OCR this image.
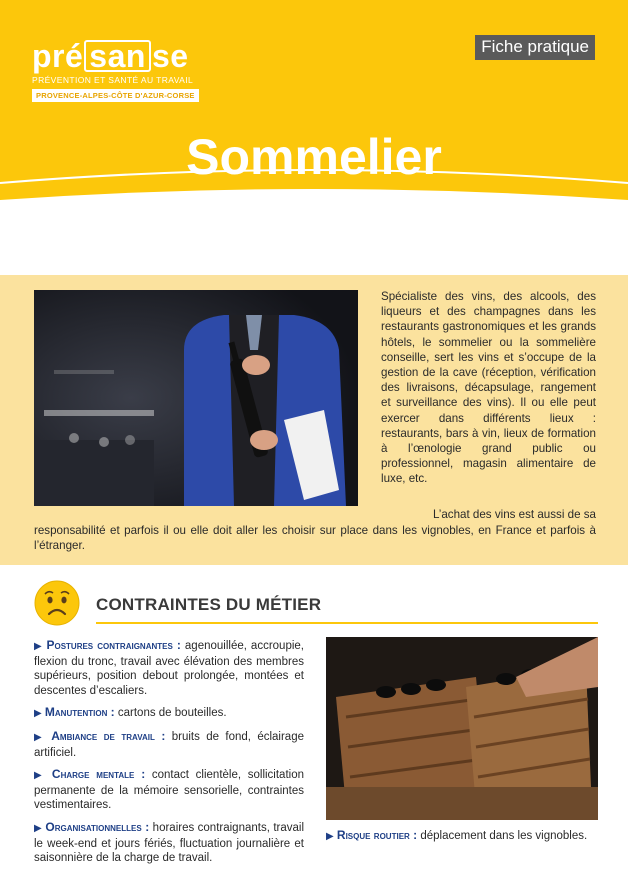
pré san se
PRÉVENTION ET SANTÉ AU TRAVAIL
PROVENCE-ALPES-CÔTE D'AZUR-CORSE
Fiche pratique
Sommelier
Spécialiste des vins, des alcools, des liqueurs et des champagnes dans les restaurants gastronomiques et les grands hôtels, le sommelier ou la sommelière conseille, sert les vins et s’occupe de la gestion de la cave (réception, vérification des livraisons, décapsulage, rangement et surveillance des vins). Il ou elle peut exercer dans différents lieux : restaurants, bars à vin, lieux de formation à l’œnologie grand public ou professionnel, magasin alimentaire de luxe, etc.
L’achat des vins est aussi de sa
responsabilité et parfois il ou elle doit aller les choisir sur place dans les vignobles, en France et parfois à l’étranger.
CONTRAINTES DU MÉTIER
▶ Postures contraignantes : agenouillée, accroupie, flexion du tronc, travail avec élévation des membres supérieurs, position debout prolongée, montées et descentes d’escaliers.
▶ Manutention : cartons de bouteilles.
▶ Ambiance de travail : bruits de fond, éclairage artificiel.
▶ Charge mentale : contact clientèle, sollicitation permanente de la mémoire sensorielle, contraintes vestimentaires.
▶ Organisationnelles : horaires contraignants, travail le week-end et jours fériés, fluctuation journalière et saisonnière de la charge de travail.
▶ Risque routier : déplacement dans les vignobles.
